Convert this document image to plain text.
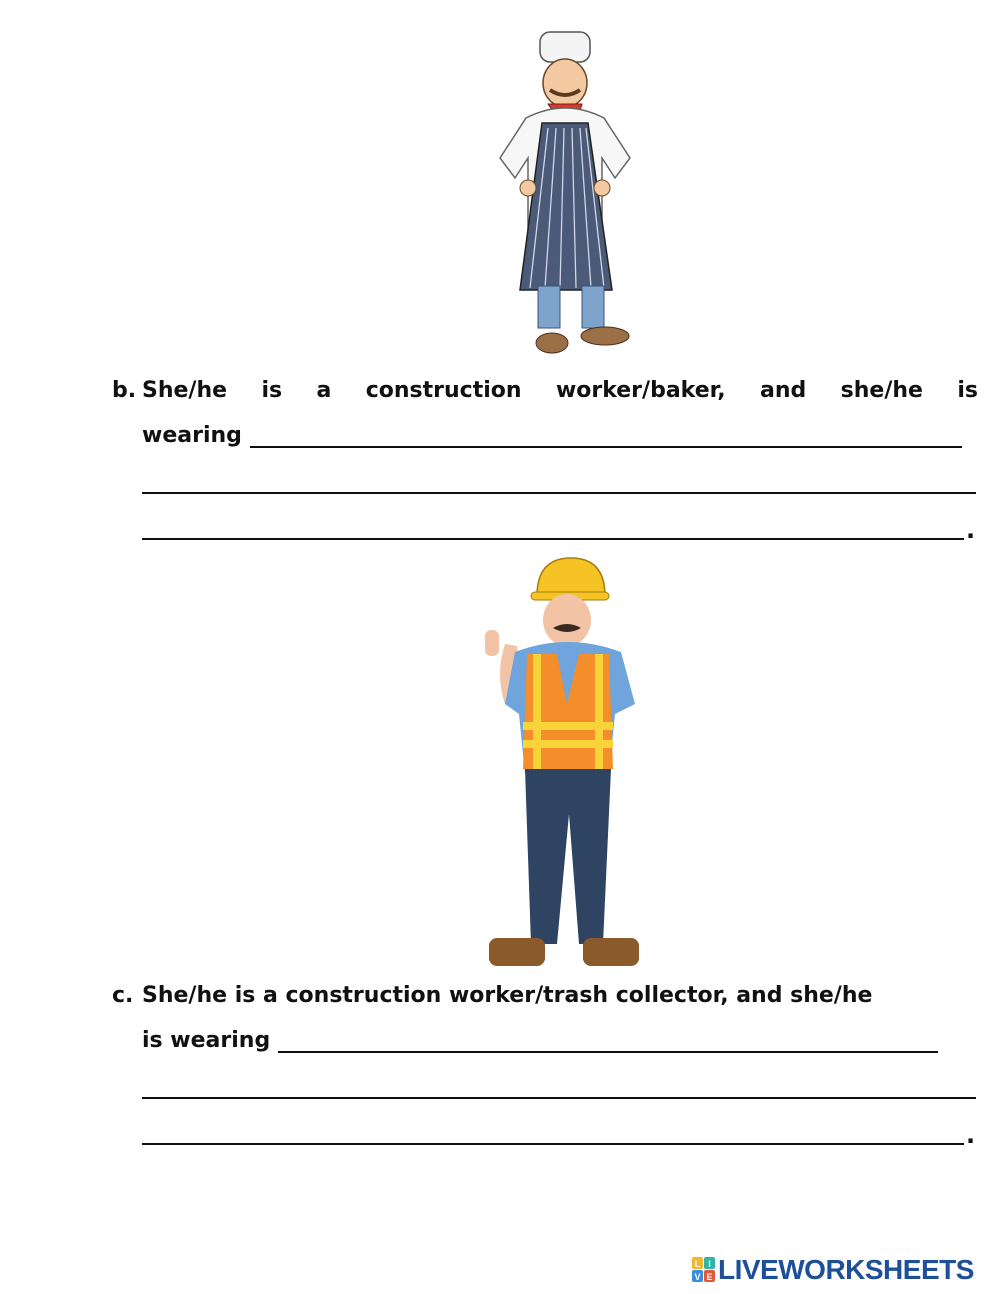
b. She/he is a construction worker/baker, and she/he is
wearing
.
c. She/he is a construction worker/trash collector, and she/he
is wearing
.
L I
V E LIVEWORKSHEETS
